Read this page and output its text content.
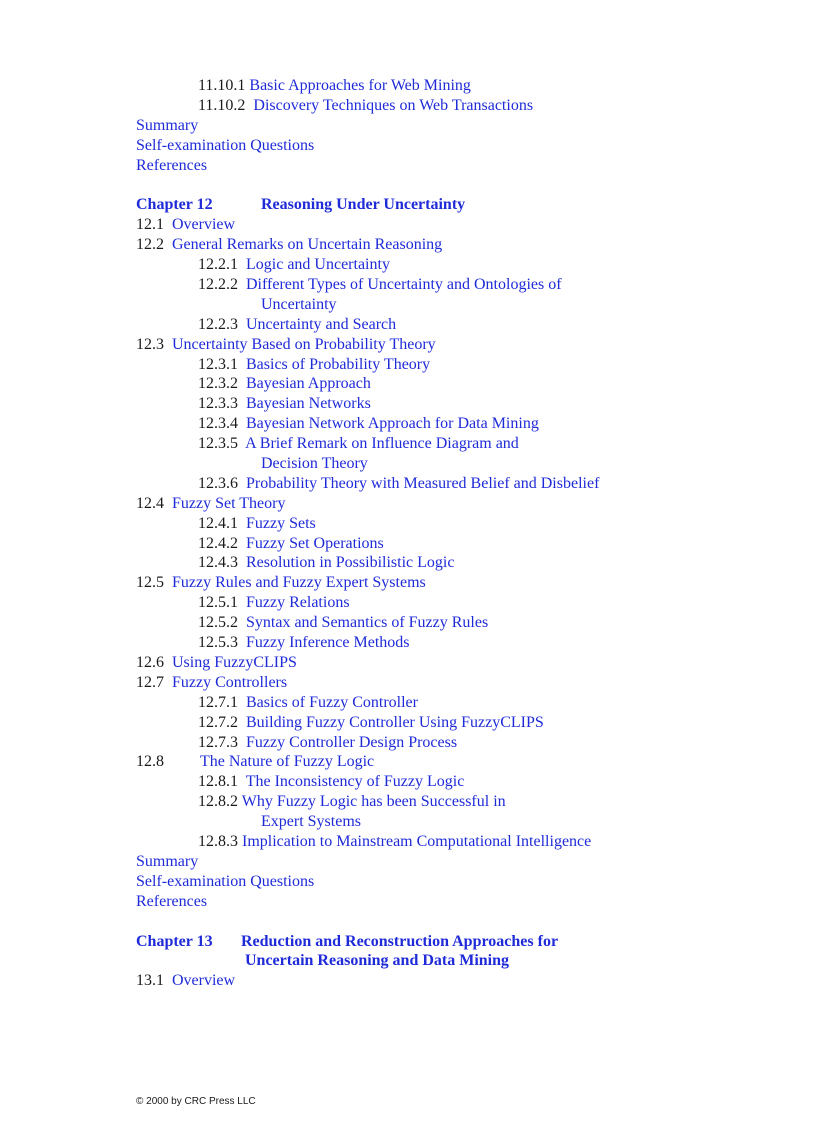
11.10.1 Basic Approaches for Web Mining
11.10.2 Discovery Techniques on Web Transactions
Summary
Self-examination Questions
References
Chapter 12	Reasoning Under Uncertainty
12.1 Overview
12.2 General Remarks on Uncertain Reasoning
12.2.1 Logic and Uncertainty
12.2.2 Different Types of Uncertainty and Ontologies of
Uncertainty
12.2.3 Uncertainty and Search
12.3 Uncertainty Based on Probability Theory
12.3.1 Basics of Probability Theory
12.3.2 Bayesian Approach
12.3.3 Bayesian Networks
12.3.4 Bayesian Network Approach for Data Mining
12.3.5 A Brief Remark on Influence Diagram and
Decision Theory
12.3.6 Probability Theory with Measured Belief and Disbelief
12.4 Fuzzy Set Theory
12.4.1 Fuzzy Sets
12.4.2 Fuzzy Set Operations
12.4.3 Resolution in Possibilistic Logic
12.5 Fuzzy Rules and Fuzzy Expert Systems
12.5.1 Fuzzy Relations
12.5.2 Syntax and Semantics of Fuzzy Rules
12.5.3 Fuzzy Inference Methods
12.6 Using FuzzyCLIPS
12.7 Fuzzy Controllers
12.7.1 Basics of Fuzzy Controller
12.7.2 Building Fuzzy Controller Using FuzzyCLIPS
12.7.3 Fuzzy Controller Design Process
12.8 The Nature of Fuzzy Logic
12.8.1 The Inconsistency of Fuzzy Logic
12.8.2 Why Fuzzy Logic has been Successful in
Expert Systems
12.8.3 Implication to Mainstream Computational Intelligence
Summary
Self-examination Questions
References
Chapter 13 Reduction and Reconstruction Approaches for
Uncertain Reasoning and Data Mining
13.1 Overview
© 2000 by CRC Press LLC
